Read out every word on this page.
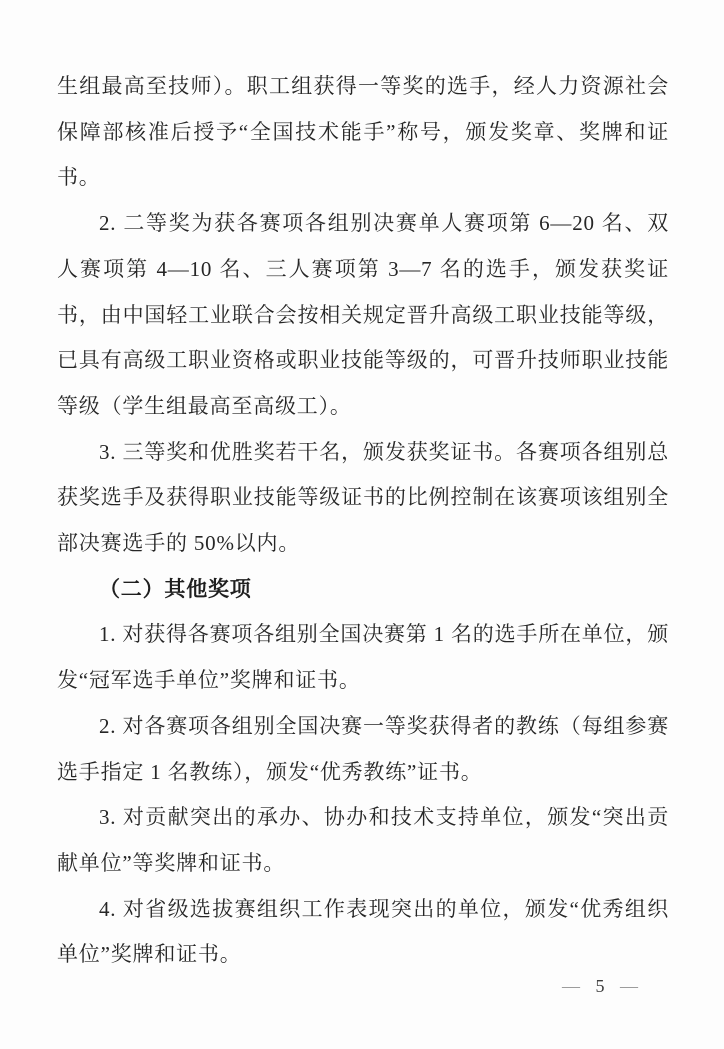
生组最高至技师）。职工组获得一等奖的选手，经人力资源社会保障部核准后授予“全国技术能手”称号，颁发奖章、奖牌和证书。

2. 二等奖为获各赛项各组别决赛单人赛项第 6—20 名、双人赛项第 4—10 名、三人赛项第 3—7 名的选手，颁发获奖证书，由中国轻工业联合会按相关规定晋升高级工职业技能等级，已具有高级工职业资格或职业技能等级的，可晋升技师职业技能等级（学生组最高至高级工）。

3. 三等奖和优胜奖若干名，颁发获奖证书。各赛项各组别总获奖选手及获得职业技能等级证书的比例控制在该赛项该组别全部决赛选手的 50%以内。

（二）其他奖项

1. 对获得各赛项各组别全国决赛第 1 名的选手所在单位，颁发“冠军选手单位”奖牌和证书。

2. 对各赛项各组别全国决赛一等奖获得者的教练（每组参赛选手指定 1 名教练），颁发“优秀教练”证书。

3. 对贡献突出的承办、协办和技术支持单位，颁发“突出贡献单位”等奖牌和证书。

4. 对省级选拔赛组织工作表现突出的单位，颁发“优秀组织单位”奖牌和证书。

— 5 —
